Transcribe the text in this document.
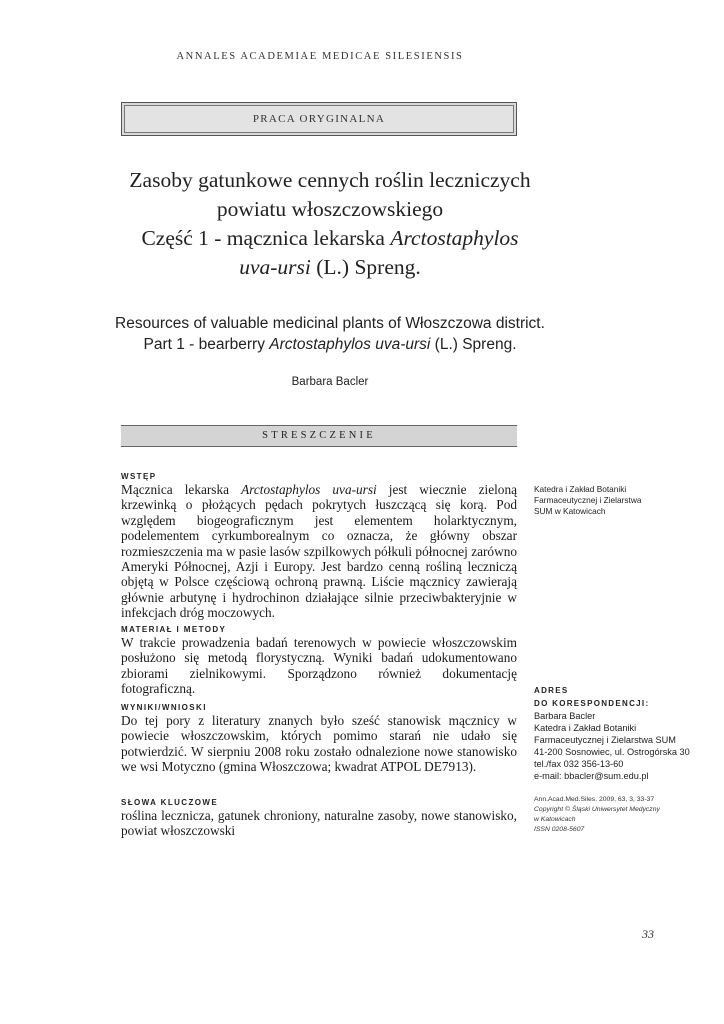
ANNALES ACADEMIAE MEDICAE SILESIENSIS
PRACA ORYGINALNA
Zasoby gatunkowe cennych roślin leczniczych
powiatu włoszczowskiego
Część 1 - mącznica lekarska Arctostaphylos
uva-ursi (L.) Spreng.
Resources of valuable medicinal plants of Włoszczowa district.
Part 1 - bearberry Arctostaphylos uva-ursi (L.) Spreng.
Barbara Bacler
STRESZCZENIE
WSTĘP
Mącznica lekarska Arctostaphylos uva-ursi jest wiecznie zieloną krzewinką o płożących pędach pokrytych łuszczącą się korą. Pod względem biogeograficznym jest elementem holarktycznym, podelementem cyrkumborealnym co oznacza, że główny obszar rozmieszczenia ma w pasie lasów szpilkowych półkuli północnej zarówno Ameryki Północnej, Azji i Europy. Jest bardzo cenną rośliną leczniczą objętą w Polsce częściową ochroną prawną. Liście mącznicy zawierają głównie arbutynę i hydrochinon działające silnie przeciwbakteryjnie w infekcjach dróg moczowych.
MATERIAŁ I METODY
W trakcie prowadzenia badań terenowych w powiecie włoszczowskim posłużono się metodą florystyczną. Wyniki badań udokumentowano zbiorami zielnikowymi. Sporządzono również dokumentację fotograficzną.
WYNIKI/WNIOSKI
Do tej pory z literatury znanych było sześć stanowisk mącznicy w powiecie włoszczowskim, których pomimo starań nie udało się potwierdzić. W sierpniu 2008 roku zostało odnalezione nowe stanowisko we wsi Motyczno (gmina Włoszczowa; kwadrat ATPOL DE7913).
SŁOWA KLUCZOWE
roślina lecznicza, gatunek chroniony, naturalne zasoby, nowe stanowisko, powiat włoszczowski
Katedra i Zakład Botaniki
Farmaceutycznej i Zielarstwa
SUM w Katowicach
ADRES
DO KORESPONDENCJI:
Barbara Bacler
Katedra i Zakład Botaniki
Farmaceutycznej i Zielarstwa SUM
41-200 Sosnowiec, ul. Ostrogórska 30
tel./fax 032 356-13-60
e-mail: bbacler@sum.edu.pl
Ann.Acad.Med.Siles. 2009, 63, 3, 33-37
Copyright © Śląski Uniwersytet Medyczny
w Katowicach
ISSN 0208-5607
33
